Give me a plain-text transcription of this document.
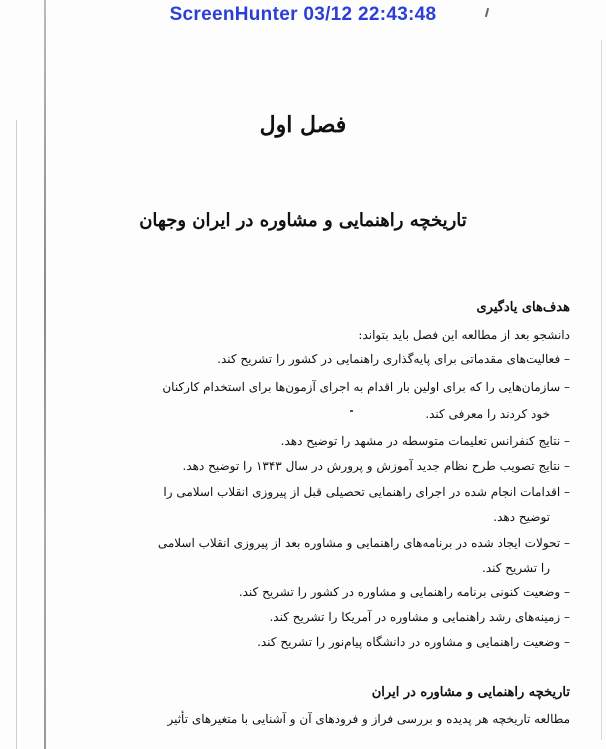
ScreenHunter 03/12 22:43:48
فصل اول
تاریخچه راهنمایی و مشاوره در ایران وجهان
هدف‌های یادگیری
دانشجو بعد از مطالعه این فصل باید بتواند:
– فعالیت‌های مقدماتی برای پایه‌گذاری راهنمایی در کشور را تشریح کند.
– سازمان‌هایی را که برای اولین بار اقدام به اجرای آزمون‌ها برای استخدام کارکنان
خود کردند را معرفی کند.
– نتایج کنفرانس تعلیمات متوسطه در مشهد را توضیح دهد.
– نتایج تصویب طرح نظام جدید آموزش و پرورش در سال ۱۳۴۳ را توضیح دهد.
– اقدامات انجام شده در اجرای راهنمایی تحصیلی قبل از پیروزی انقلاب اسلامی را
توضیح دهد.
– تحولات ایجاد شده در برنامه‌های راهنمایی و مشاوره بعد از پیروزی انقلاب اسلامی
را تشریح کند.
– وضعیت کنونی برنامه راهنمایی و مشاوره در کشور را تشریح کند.
– زمینه‌های رشد راهنمایی و مشاوره در آمریکا را تشریح کند.
– وضعیت راهنمایی و مشاوره در دانشگاه پیام‌نور را تشریح کند.
تاریخچه راهنمایی و مشاوره در ایران
مطالعه تاریخچه هر پدیده و بررسی فراز و فرودهای آن و آشنایی با متغیرهای تأثیر
